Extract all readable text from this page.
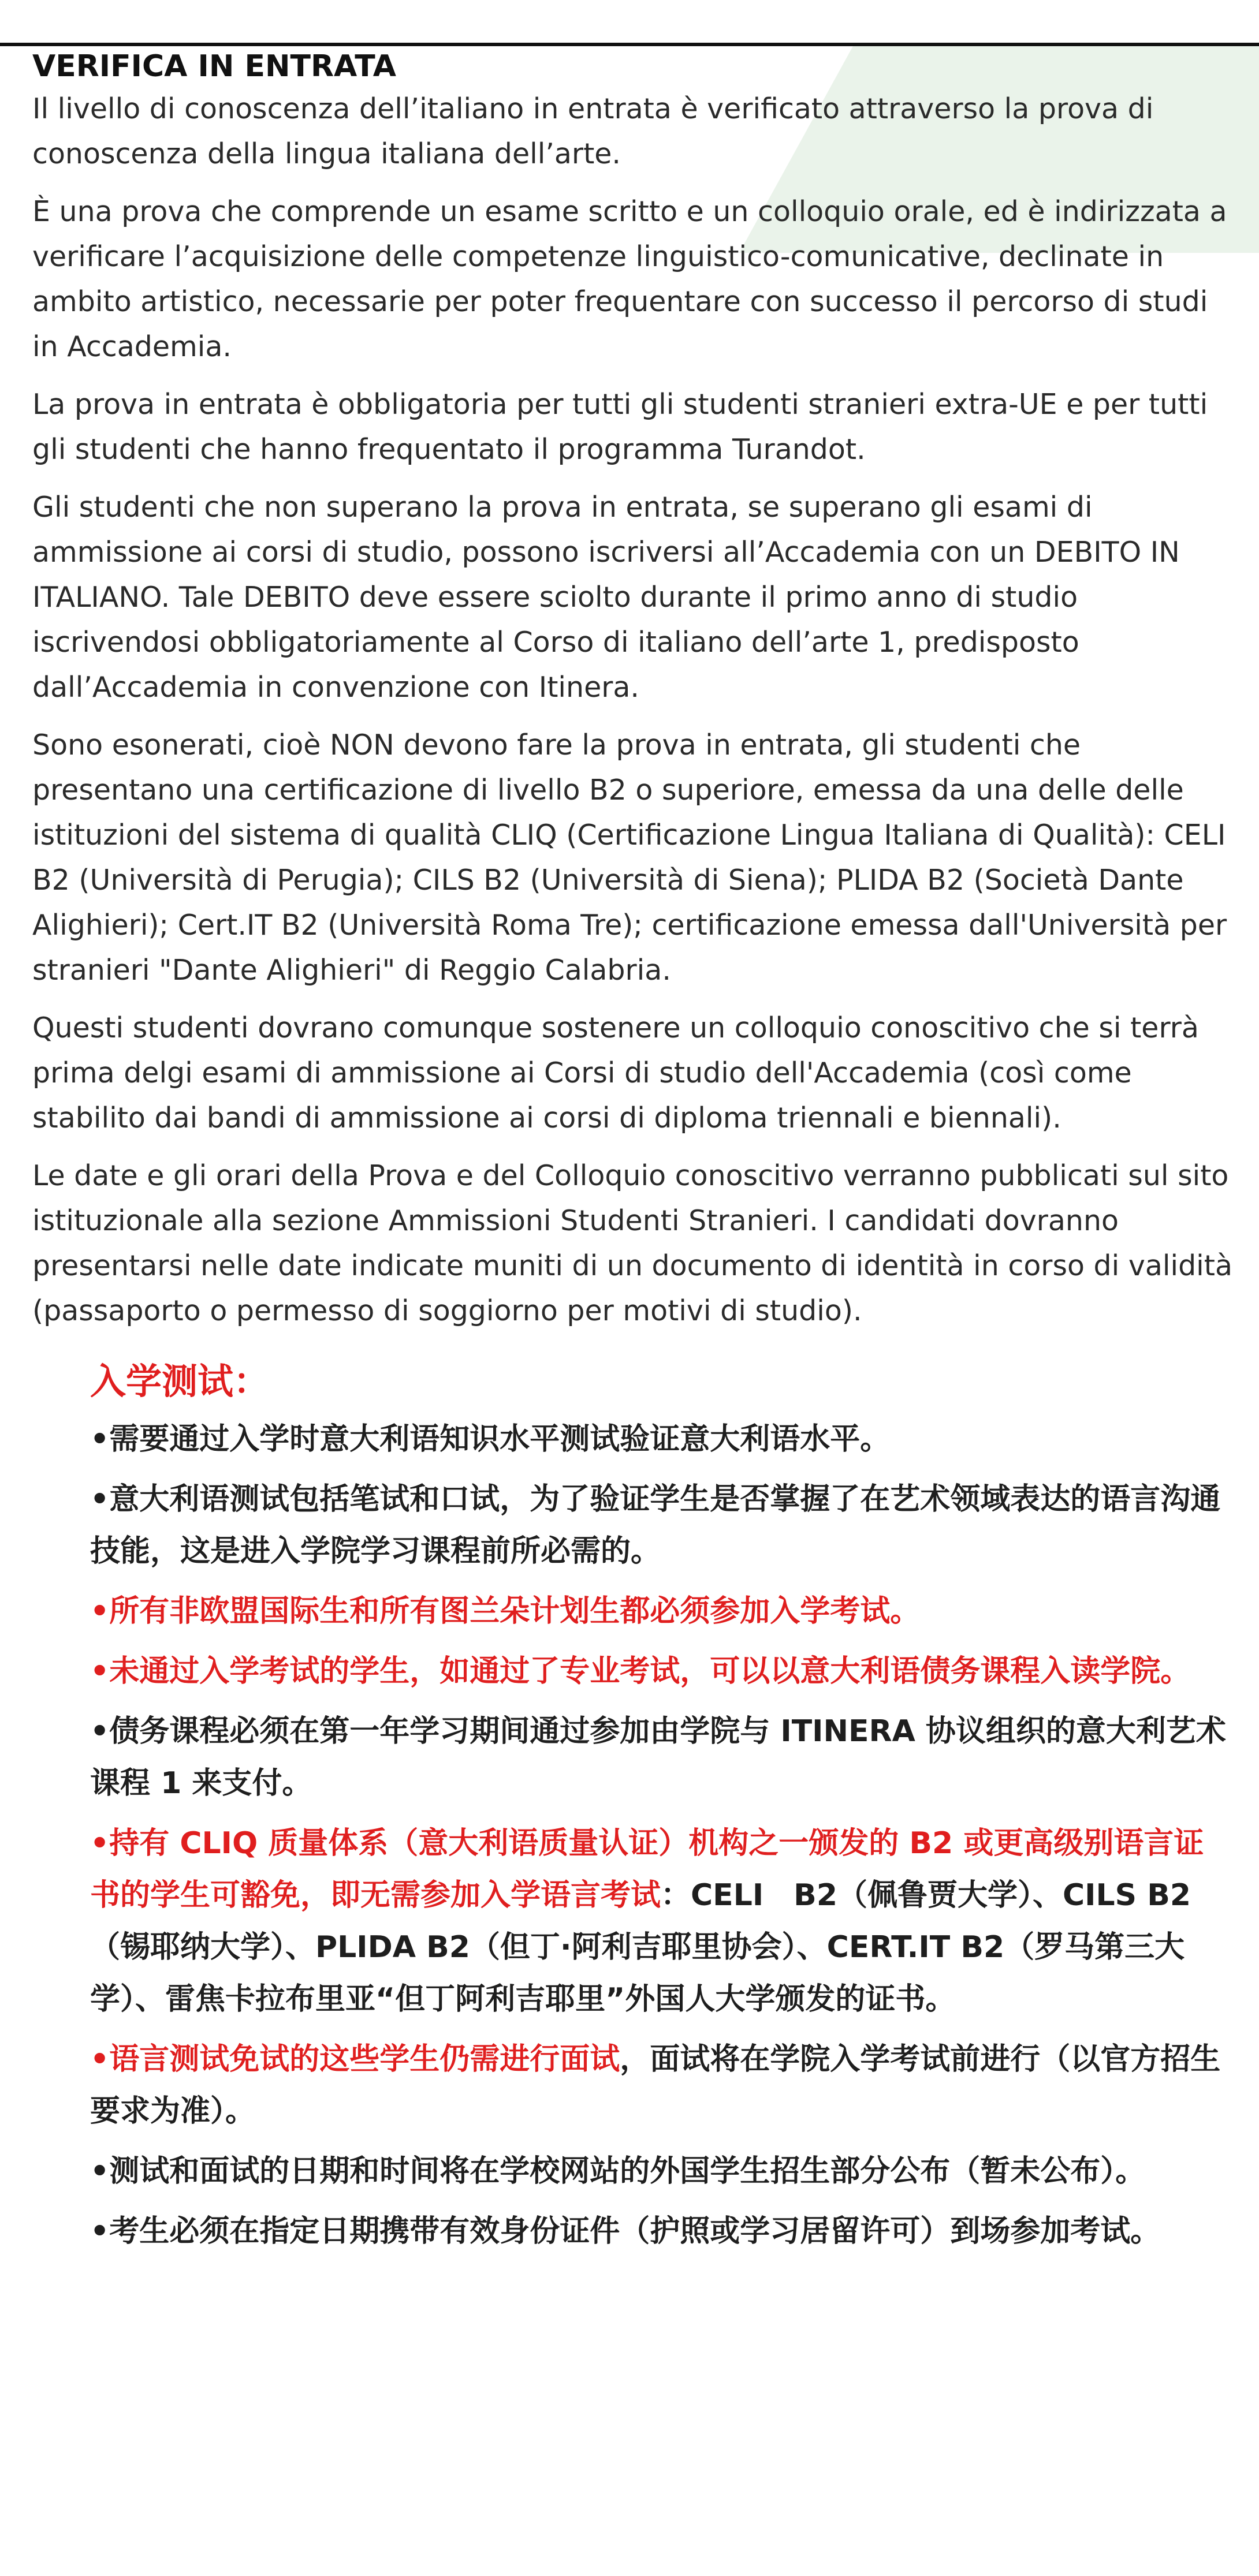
VERIFICA IN ENTRATA

Il livello di conoscenza dell’italiano in entrata è verificato attraverso la prova di conoscenza della lingua italiana dell’arte.

È una prova che comprende un esame scritto e un colloquio orale, ed è indirizzata a verificare l’acquisizione delle competenze linguistico-comunicative, declinate in ambito artistico, necessarie per poter frequentare con successo il percorso di studi in Accademia.

La prova in entrata è obbligatoria per tutti gli studenti stranieri extra-UE e per tutti gli studenti che hanno frequentato il programma Turandot.

Gli studenti che non superano la prova in entrata, se superano gli esami di ammissione ai corsi di studio, possono iscriversi all’Accademia con un DEBITO IN ITALIANO. Tale DEBITO deve essere sciolto durante il primo anno di studio iscrivendosi obbligatoriamente al Corso di italiano dell’arte 1, predisposto dall’Accademia in convenzione con Itinera.

Sono esonerati, cioè NON devono fare la prova in entrata, gli studenti che presentano una certificazione di livello B2 o superiore, emessa da una delle delle istituzioni del sistema di qualità CLIQ (Certificazione Lingua Italiana di Qualità): CELI B2 (Università di Perugia); CILS B2 (Università di Siena); PLIDA B2 (Società Dante Alighieri); Cert.IT B2 (Università Roma Tre); certificazione emessa dall'Università per stranieri "Dante Alighieri" di Reggio Calabria.

Questi studenti dovrano comunque sostenere un colloquio conoscitivo che si terrà prima delgi esami di ammissione ai Corsi di studio dell'Accademia (così come stabilito dai bandi di ammissione ai corsi di diploma triennali e biennali).

Le date e gli orari della Prova e del Colloquio conoscitivo verranno pubblicati sul sito istituzionale alla sezione Ammissioni Studenti Stranieri. I candidati dovranno presentarsi nelle date indicate muniti di un documento di identità in corso di validità (passaporto o permesso di soggiorno per motivi di studio).

入学测试：

•需要通过入学时意大利语知识水平测试验证意大利语水平。

•意大利语测试包括笔试和口试，为了验证学生是否掌握了在艺术领域表达的语言沟通技能，这是进入学院学习课程前所必需的。

•所有非欧盟国际生和所有图兰朵计划生都必须参加入学考试。

•未通过入学考试的学生，如通过了专业考试，可以以意大利语债务课程入读学院。

•债务课程必须在第一年学习期间通过参加由学院与 ITINERA 协议组织的意大利艺术课程 1 来支付。

•持有 CLIQ 质量体系（意大利语质量认证）机构之一颁发的 B2 或更高级别语言证书的学生可豁免，即无需参加入学语言考试：CELI　B2（佩鲁贾大学）、CILS B2（锡耶纳大学）、PLIDA B2（但丁·阿利吉耶里协会）、CERT.IT B2（罗马第三大学）、雷焦卡拉布里亚“但丁阿利吉耶里”外国人大学颁发的证书。

•语言测试免试的这些学生仍需进行面试，面试将在学院入学考试前进行（以官方招生要求为准）。

•测试和面试的日期和时间将在学校网站的外国学生招生部分公布（暂未公布）。

•考生必须在指定日期携带有效身份证件（护照或学习居留许可）到场参加考试。
